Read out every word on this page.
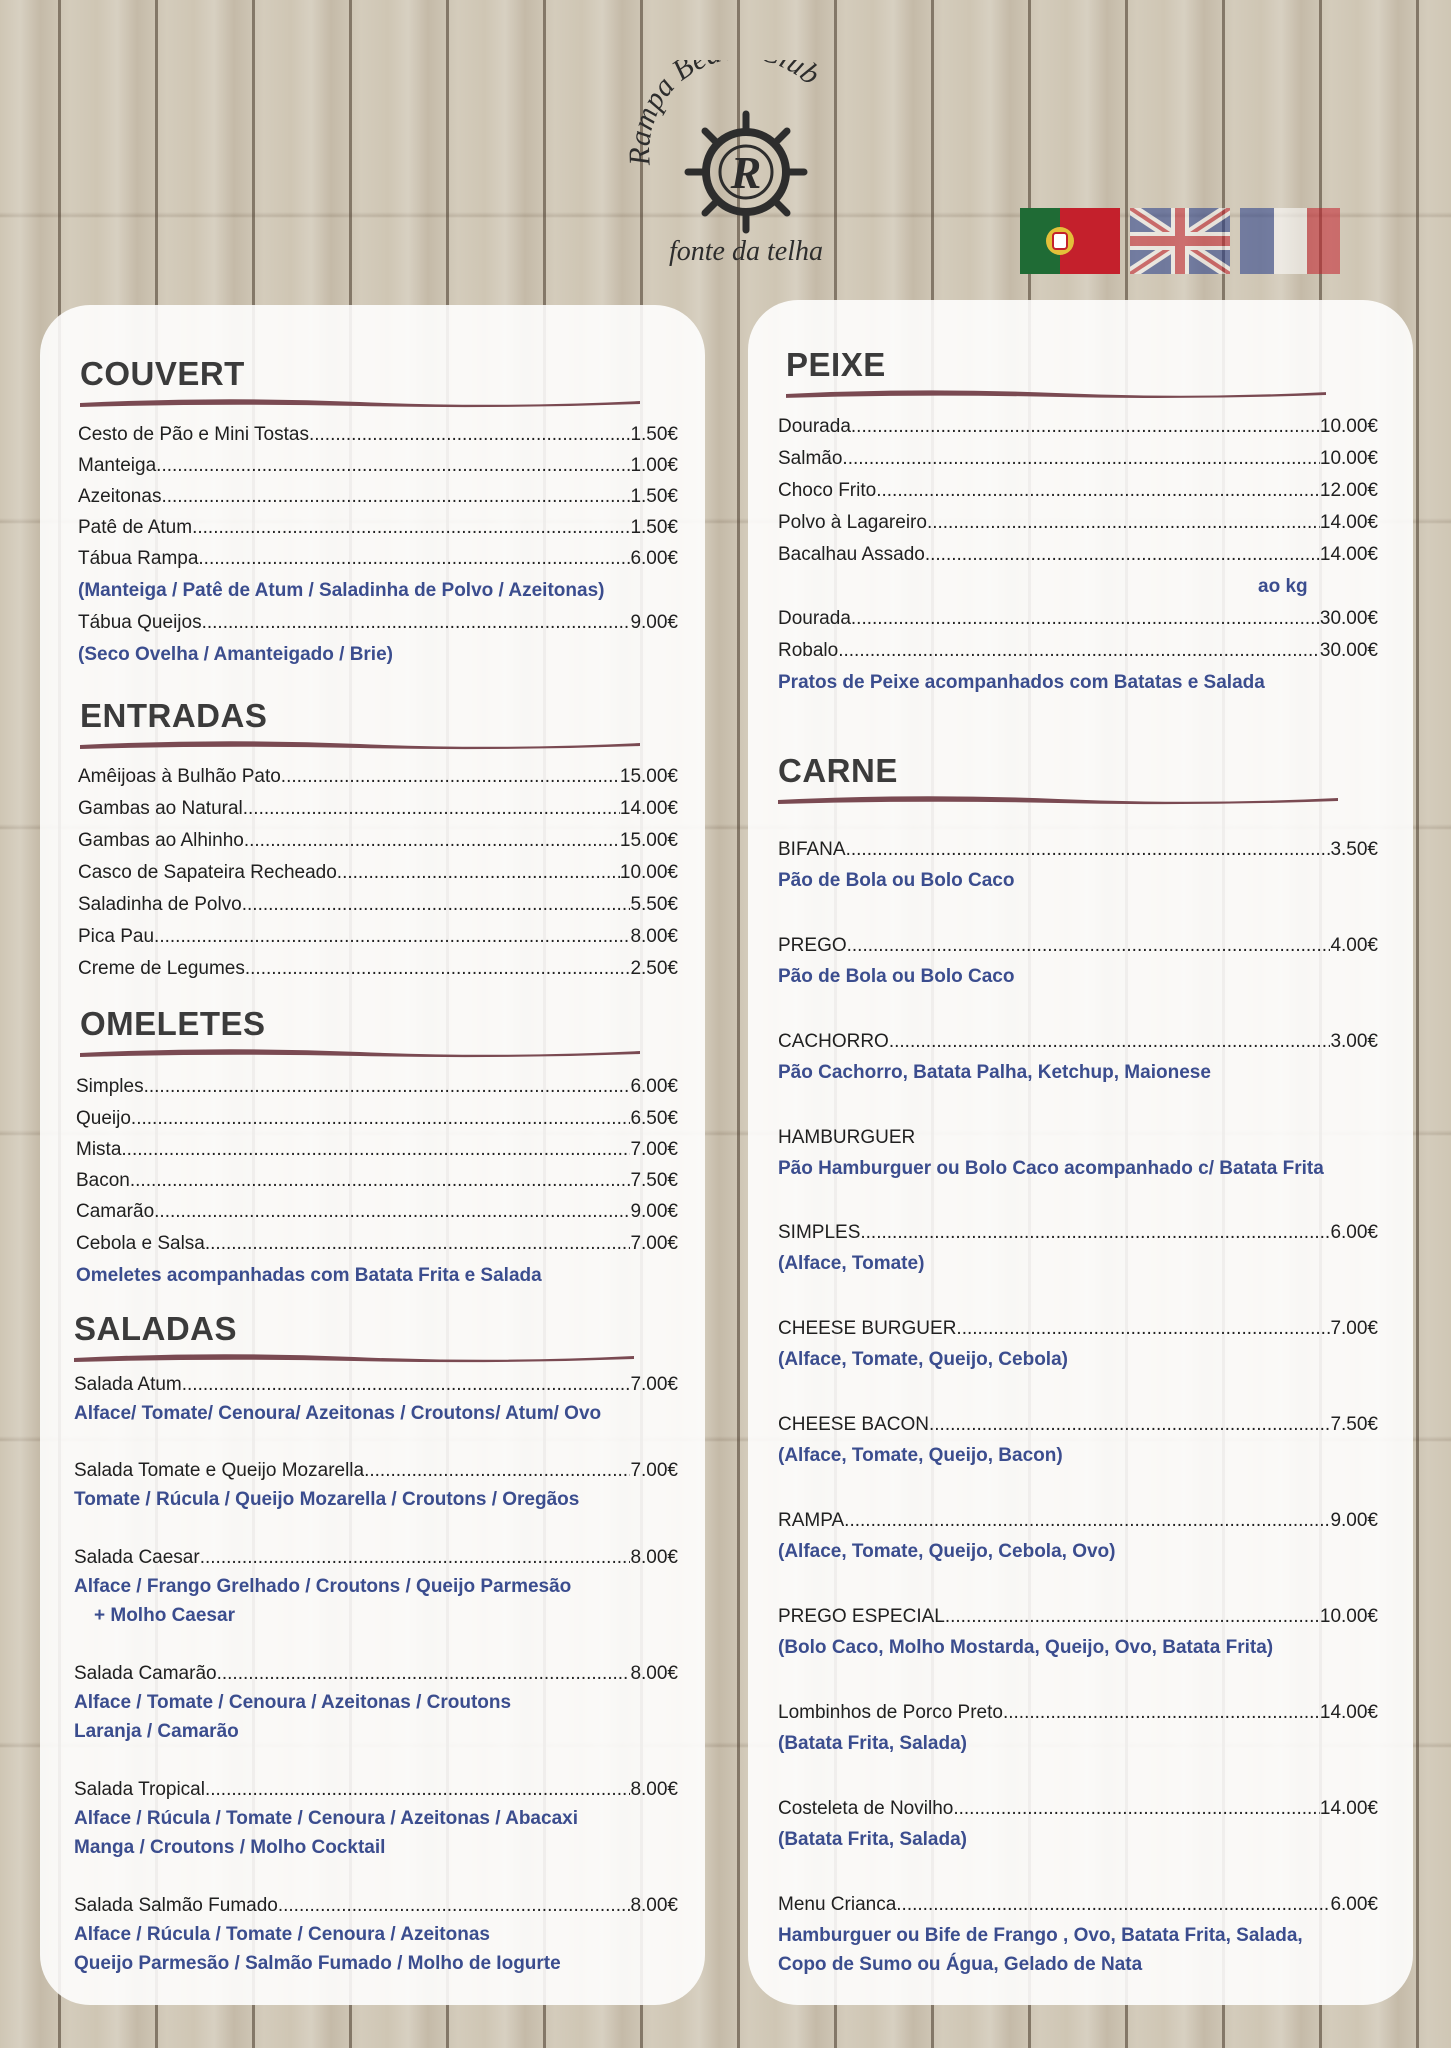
mpa B ub
R
fonte da telha
COUVERT
Cesto de Pão e Mini Tostas .....	1.50€
Manteiga .....	1.00€
Azeitonas .....	1.50€
Patê de Atum .....	1.50€
Tábua Rampa .....	6.00€
(Manteiga / Patê de Atum / Saladinha de Polvo / Azeitonas)
Tábua Queijos .....	9.00€
(Seco Ovelha / Amanteigado / Brie)
ENTRADAS
Amêijoas à Bulhão Pato .....	15.00€
Gambas ao Natural .....	14.00€
Gambas ao Alhinho .....	15.00€
Casco de Sapateira Recheado .....	10.00€
Saladinha de Polvo .....	5.50€
Pica Pau .....	8.00€
Creme de Legumes .....	2.50€
OMELETES
Simples .....	6.00€
Queijo .....	6.50€
Mista .....	7.00€
Bacon .....	7.50€
Camarão .....	9.00€
Cebola e Salsa .....	7.00€
Omeletes acompanhadas com Batata Frita e Salada
SALADAS
Salada Atum .....	7.00€
Alface/ Tomate/ Cenoura/ Azeitonas / Croutons/ Atum/ Ovo
Salada Tomate e Queijo Mozarella .....	7.00€
Tomate / Rúcula / Queijo Mozarella / Croutons / Oregãos
Salada Caesar .....	8.00€
Alface / Frango Grelhado / Croutons / Queijo Parmesão
+ Molho Caesar
Salada Camarão .....	8.00€
Alface / Tomate / Cenoura / Azeitonas / Croutons
Laranja / Camarão
Salada Tropical .....	8.00€
Alface / Rúcula / Tomate / Cenoura / Azeitonas / Abacaxi
Manga / Croutons / Molho Cocktail
Salada Salmão Fumado .....	8.00€
Alface / Rúcula / Tomate / Cenoura / Azeitonas
Queijo Parmesão / Salmão Fumado / Molho de Iogurte
PEIXE
Dourada .....	10.00€
Salmão .....	10.00€
Choco Frito .....	12.00€
Polvo à Lagareiro .....	14.00€
Bacalhau Assado .....	14.00€
ao kg
Dourada .....	30.00€
Robalo .....	30.00€
Pratos de Peixe acompanhados com Batatas e Salada
CARNE
BIFANA .....	3.50€
Pão de Bola ou Bolo Caco
PREGO .....	4.00€
Pão de Bola ou Bolo Caco
CACHORRO .....	3.00€
Pão Cachorro, Batata Palha, Ketchup, Maionese
HAMBURGUER
Pão Hamburguer ou Bolo Caco acompanhado c/ Batata Frita
SIMPLES .....	6.00€
(Alface, Tomate)
CHEESE BURGUER .....	7.00€
(Alface, Tomate, Queijo, Cebola)
CHEESE BACON .....	7.50€
(Alface, Tomate, Queijo, Bacon)
RAMPA .....	9.00€
(Alface, Tomate, Queijo, Cebola, Ovo)
PREGO ESPECIAL .....	10.00€
(Bolo Caco, Molho Mostarda, Queijo, Ovo, Batata Frita)
Lombinhos de Porco Preto .....	14.00€
(Batata Frita, Salada)
Costeleta de Novilho .....	14.00€
(Batata Frita, Salada)
Menu Crianca .....	6.00€
Hamburguer ou Bife de Frango , Ovo, Batata Frita, Salada,
Copo de Sumo ou Água, Gelado de Nata
